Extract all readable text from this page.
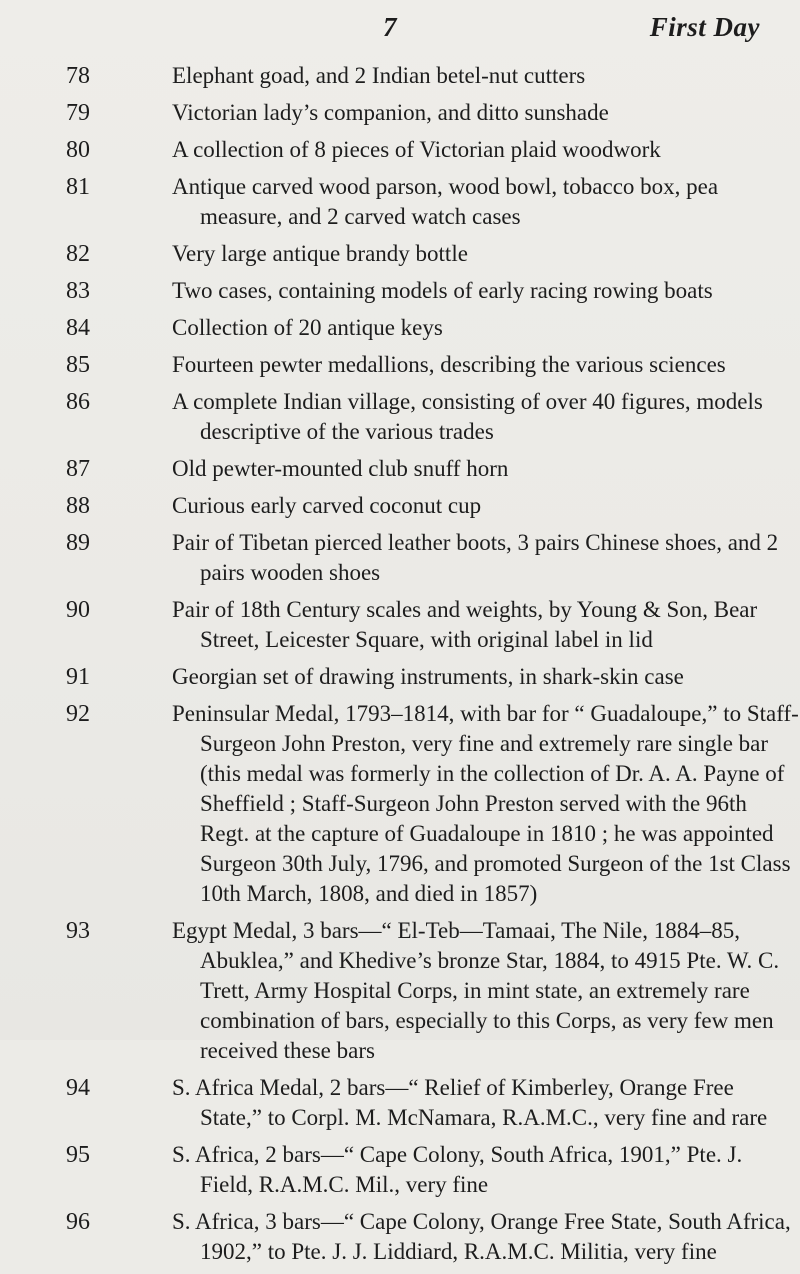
7	First Day
78	Elephant goad, and 2 Indian betel-nut cutters
79	Victorian lady’s companion, and ditto sunshade
80	A collection of 8 pieces of Victorian plaid woodwork
81	Antique carved wood parson, wood bowl, tobacco box, pea measure, and 2 carved watch cases
82	Very large antique brandy bottle
83	Two cases, containing models of early racing rowing boats
84	Collection of 20 antique keys
85	Fourteen pewter medallions, describing the various sciences
86	A complete Indian village, consisting of over 40 figures, models descriptive of the various trades
87	Old pewter-mounted club snuff horn
88	Curious early carved coconut cup
89	Pair of Tibetan pierced leather boots, 3 pairs Chinese shoes, and 2 pairs wooden shoes
90	Pair of 18th Century scales and weights, by Young & Son, Bear Street, Leicester Square, with original label in lid
91	Georgian set of drawing instruments, in shark-skin case
92	Peninsular Medal, 1793–1814, with bar for “ Guadaloupe,” to Staff-Surgeon John Preston, very fine and extremely rare single bar (this medal was formerly in the collection of Dr. A. A. Payne of Sheffield ; Staff-Surgeon John Preston served with the 96th Regt. at the capture of Guadaloupe in 1810 ; he was appointed Surgeon 30th July, 1796, and promoted Surgeon of the 1st Class 10th March, 1808, and died in 1857)
93	Egypt Medal, 3 bars—“ El-Teb—Tamaai, The Nile, 1884–85, Abuklea,” and Khedive’s bronze Star, 1884, to 4915 Pte. W. C. Trett, Army Hospital Corps, in mint state, an extremely rare combination of bars, especially to this Corps, as very few men received these bars
94	S. Africa Medal, 2 bars—“ Relief of Kimberley, Orange Free State,” to Corpl. M. McNamara, R.A.M.C., very fine and rare
95	S. Africa, 2 bars—“ Cape Colony, South Africa, 1901,” Pte. J. Field, R.A.M.C. Mil., very fine
96	S. Africa, 3 bars—“ Cape Colony, Orange Free State, South Africa, 1902,” to Pte. J. J. Liddiard, R.A.M.C. Militia, very fine
